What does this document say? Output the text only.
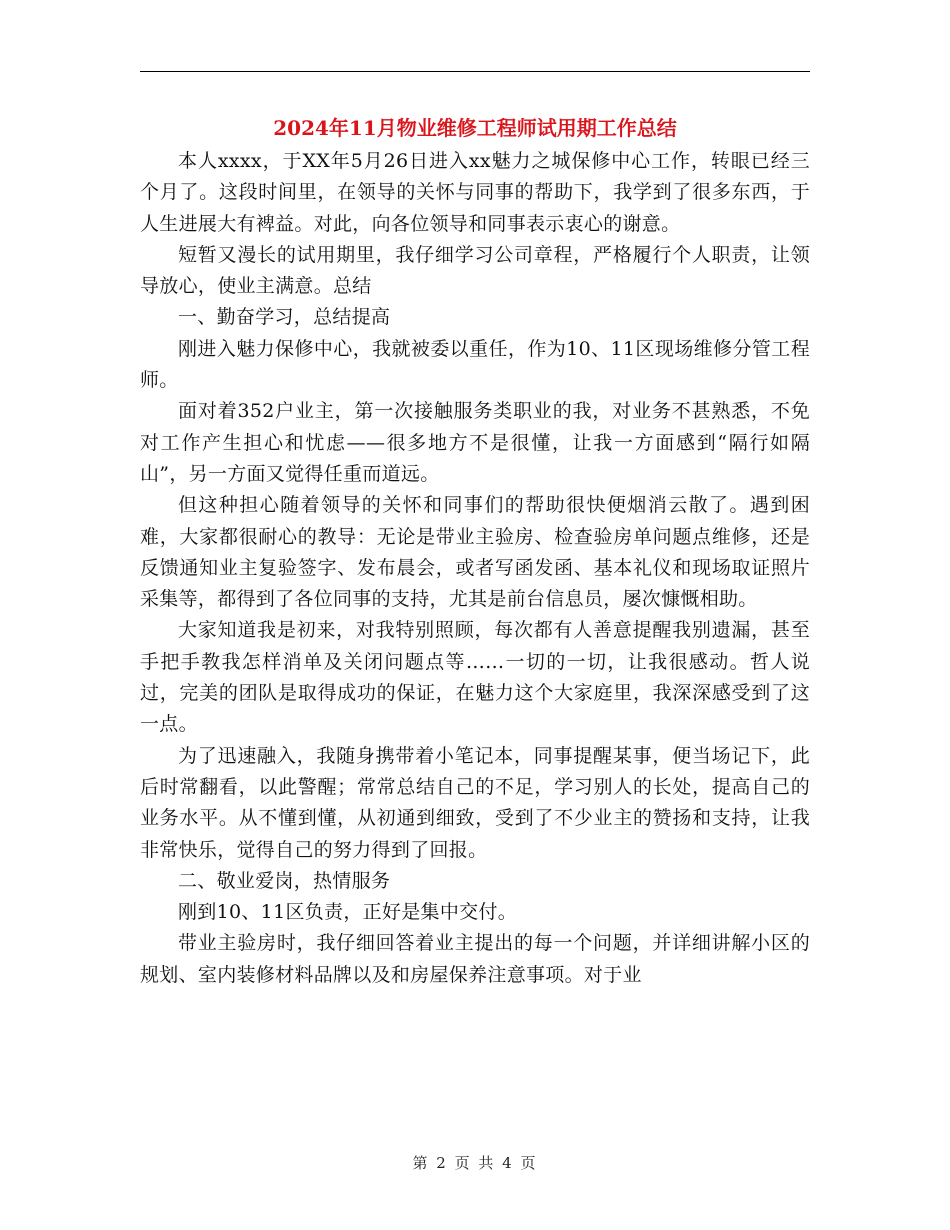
2024年11月物业维修工程师试用期工作总结

本人xxxx，于XX年5月26日进入xx魅力之城保修中心工作，转眼已经三个月了。这段时间里，在领导的关怀与同事的帮助下，我学到了很多东西，于人生进展大有裨益。对此，向各位领导和同事表示衷心的谢意。

短暂又漫长的试用期里，我仔细学习公司章程，严格履行个人职责，让领导放心，使业主满意。总结

一、勤奋学习，总结提高

刚进入魅力保修中心，我就被委以重任，作为10、11区现场维修分管工程师。

面对着352户业主，第一次接触服务类职业的我，对业务不甚熟悉，不免对工作产生担心和忧虑——很多地方不是很懂，让我一方面感到“隔行如隔山”，另一方面又觉得任重而道远。

但这种担心随着领导的关怀和同事们的帮助很快便烟消云散了。遇到困难，大家都很耐心的教导：无论是带业主验房、检查验房单问题点维修，还是反馈通知业主复验签字、发布晨会，或者写函发函、基本礼仪和现场取证照片采集等，都得到了各位同事的支持，尤其是前台信息员，屡次慷慨相助。

大家知道我是初来，对我特别照顾，每次都有人善意提醒我别遗漏，甚至手把手教我怎样消单及关闭问题点等……一切的一切，让我很感动。哲人说过，完美的团队是取得成功的保证，在魅力这个大家庭里，我深深感受到了这一点。

为了迅速融入，我随身携带着小笔记本，同事提醒某事，便当场记下，此后时常翻看，以此警醒；常常总结自己的不足，学习别人的长处，提高自己的业务水平。从不懂到懂，从初通到细致，受到了不少业主的赞扬和支持，让我非常快乐，觉得自己的努力得到了回报。

二、敬业爱岗，热情服务

刚到10、11区负责，正好是集中交付。

带业主验房时，我仔细回答着业主提出的每一个问题，并详细讲解小区的规划、室内装修材料品牌以及和房屋保养注意事项。对于业

第 2 页 共 4 页
